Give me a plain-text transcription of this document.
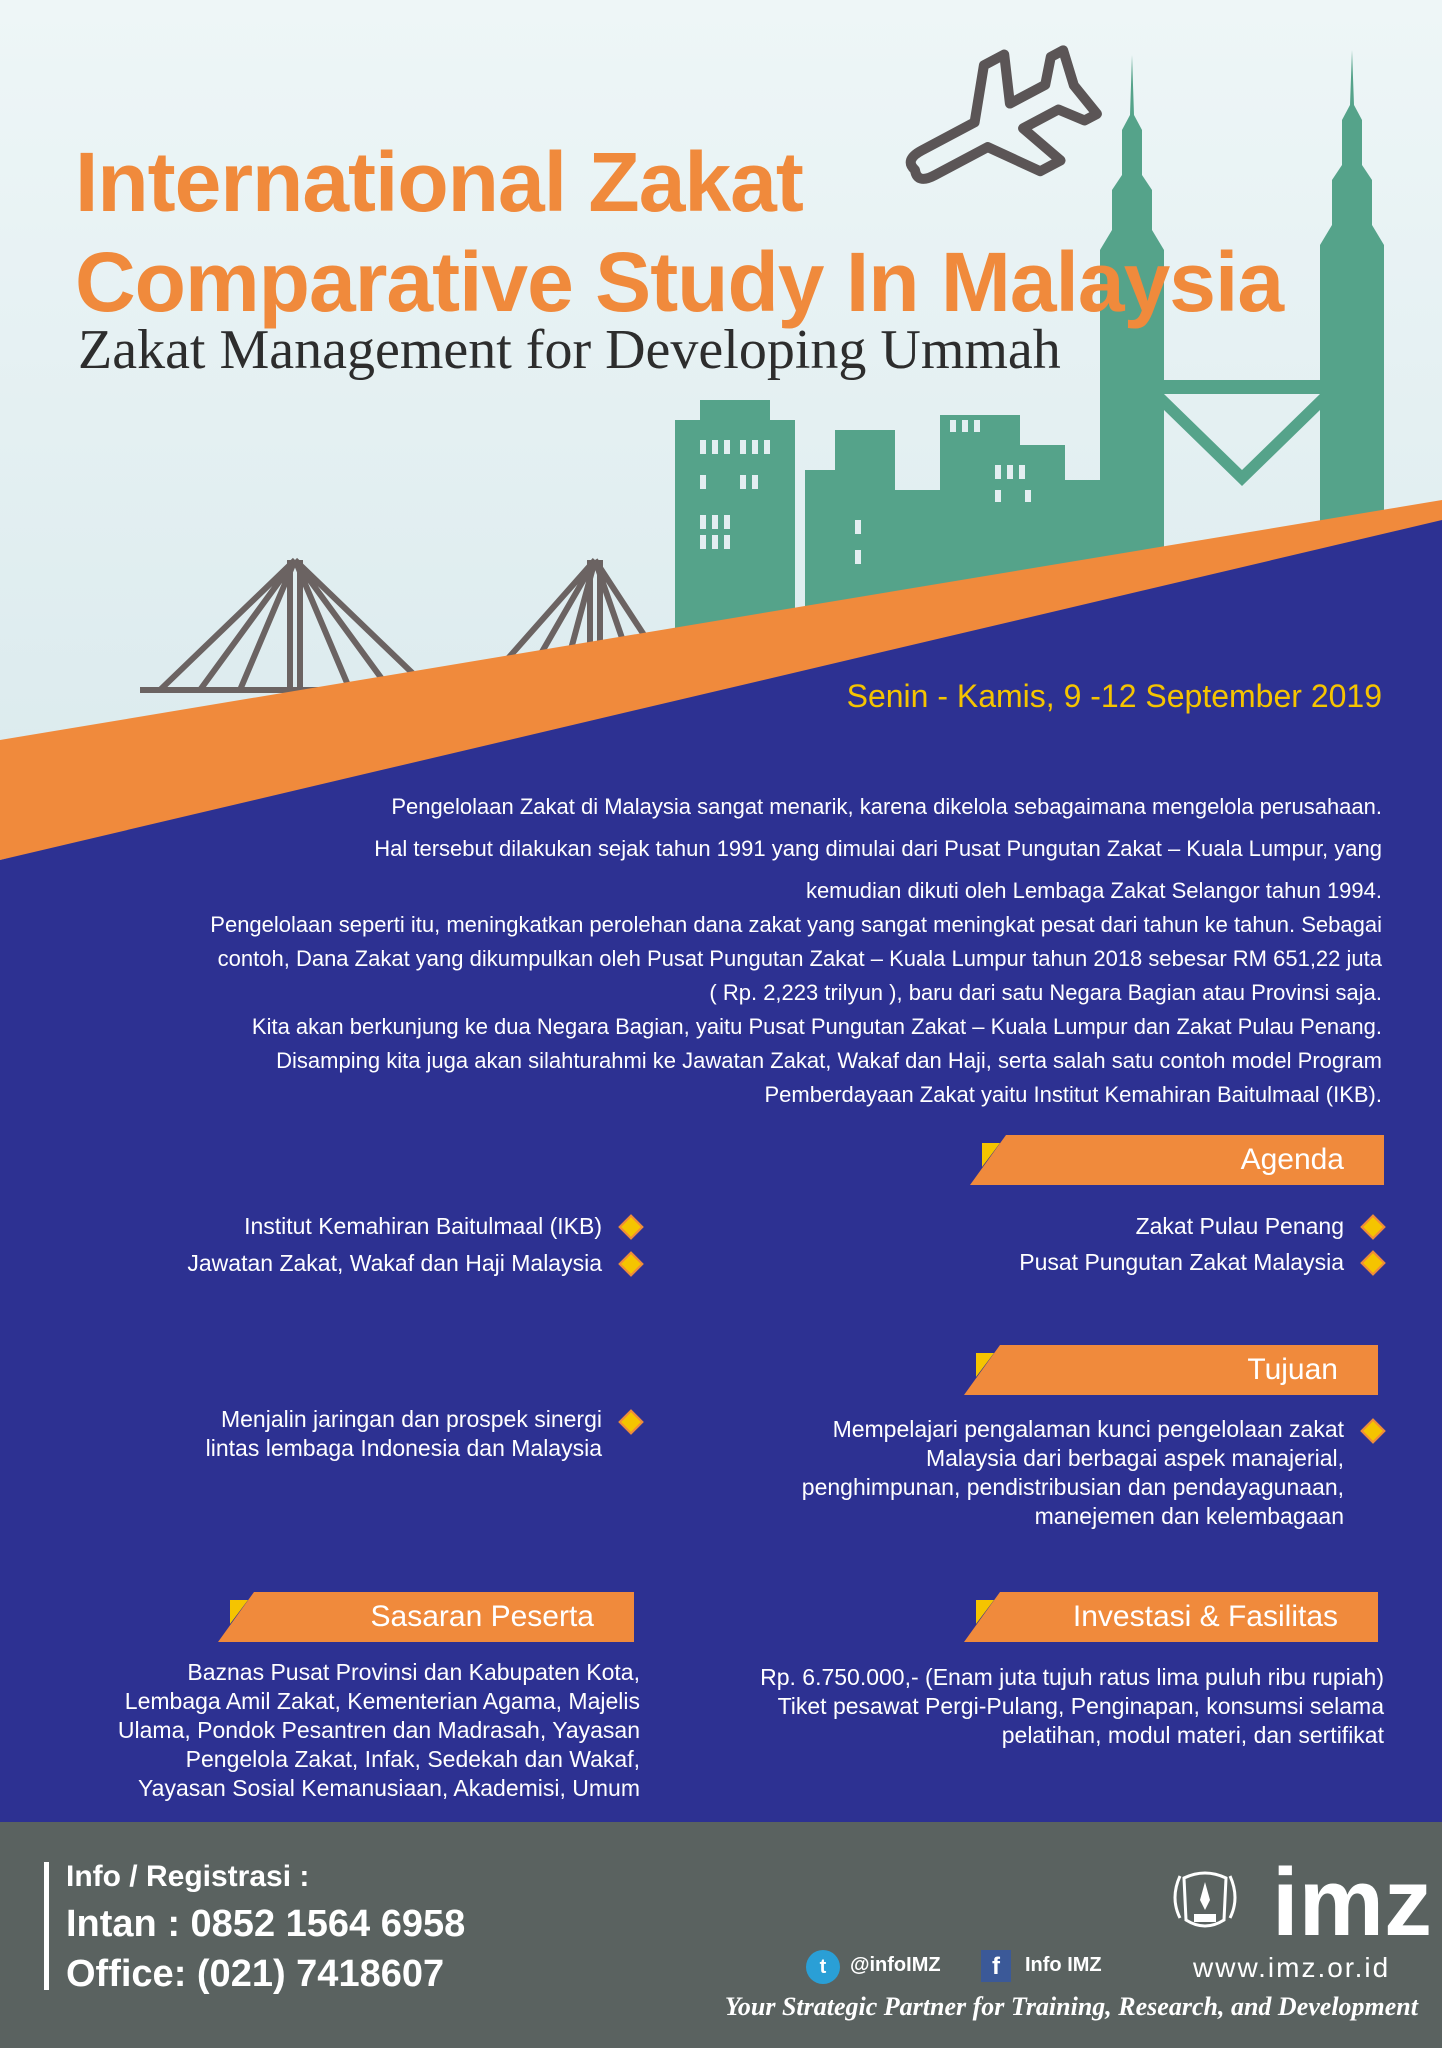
International Zakat
Comparative Study In Malaysia
Zakat Management for Developing Ummah
Senin - Kamis, 9 -12 September 2019

Pengelolaan Zakat di Malaysia sangat menarik, karena dikelola sebagaimana mengelola perusahaan.

Hal tersebut dilakukan sejak tahun 1991 yang dimulai dari Pusat Pungutan Zakat – Kuala Lumpur, yang

kemudian dikuti oleh Lembaga Zakat Selangor tahun 1994.

Pengelolaan seperti itu, meningkatkan perolehan dana zakat yang sangat meningkat pesat dari tahun ke tahun. Sebagai

contoh, Dana Zakat yang dikumpulkan oleh Pusat Pungutan Zakat – Kuala Lumpur tahun 2018 sebesar RM 651,22 juta

( Rp. 2,223 trilyun ), baru dari satu Negara Bagian atau Provinsi saja.

Kita akan berkunjung ke dua Negara Bagian, yaitu Pusat Pungutan Zakat – Kuala Lumpur dan Zakat Pulau Penang.

Disamping kita juga akan silahturahmi ke Jawatan Zakat, Wakaf dan Haji, serta salah satu contoh model Program

Pemberdayaan Zakat yaitu Institut Kemahiran Baitulmaal (IKB).

Agenda
Institut Kemahiran Baitulmaal (IKB)
Jawatan Zakat, Wakaf dan Haji Malaysia
Zakat Pulau Penang
Pusat Pungutan Zakat Malaysia
Tujuan
Menjalin jaringan dan prospek sinergi
lintas lembaga Indonesia dan Malaysia
Mempelajari pengalaman kunci pengelolaan zakat
Malaysia dari berbagai aspek manajerial,
penghimpunan, pendistribusian dan pendayagunaan,
manejemen dan kelembagaan
Sasaran Peserta
Baznas Pusat Provinsi dan Kabupaten Kota,
Lembaga Amil Zakat, Kementerian Agama, Majelis
Ulama, Pondok Pesantren dan Madrasah, Yayasan
Pengelola Zakat, Infak, Sedekah dan Wakaf,
Yayasan Sosial Kemanusiaan, Akademisi, Umum
Investasi & Fasilitas
Rp. 6.750.000,- (Enam juta tujuh ratus lima puluh ribu rupiah)
Tiket pesawat Pergi-Pulang, Penginapan, konsumsi selama
pelatihan, modul materi, dan sertifikat
Info / Registrasi :
Intan : 0852 1564 6958
Office: (021) 7418607	t	@infoIMZ	f	Info IMZ
imz
www.imz.or.id
Your Strategic Partner for Training, Research, and Development
